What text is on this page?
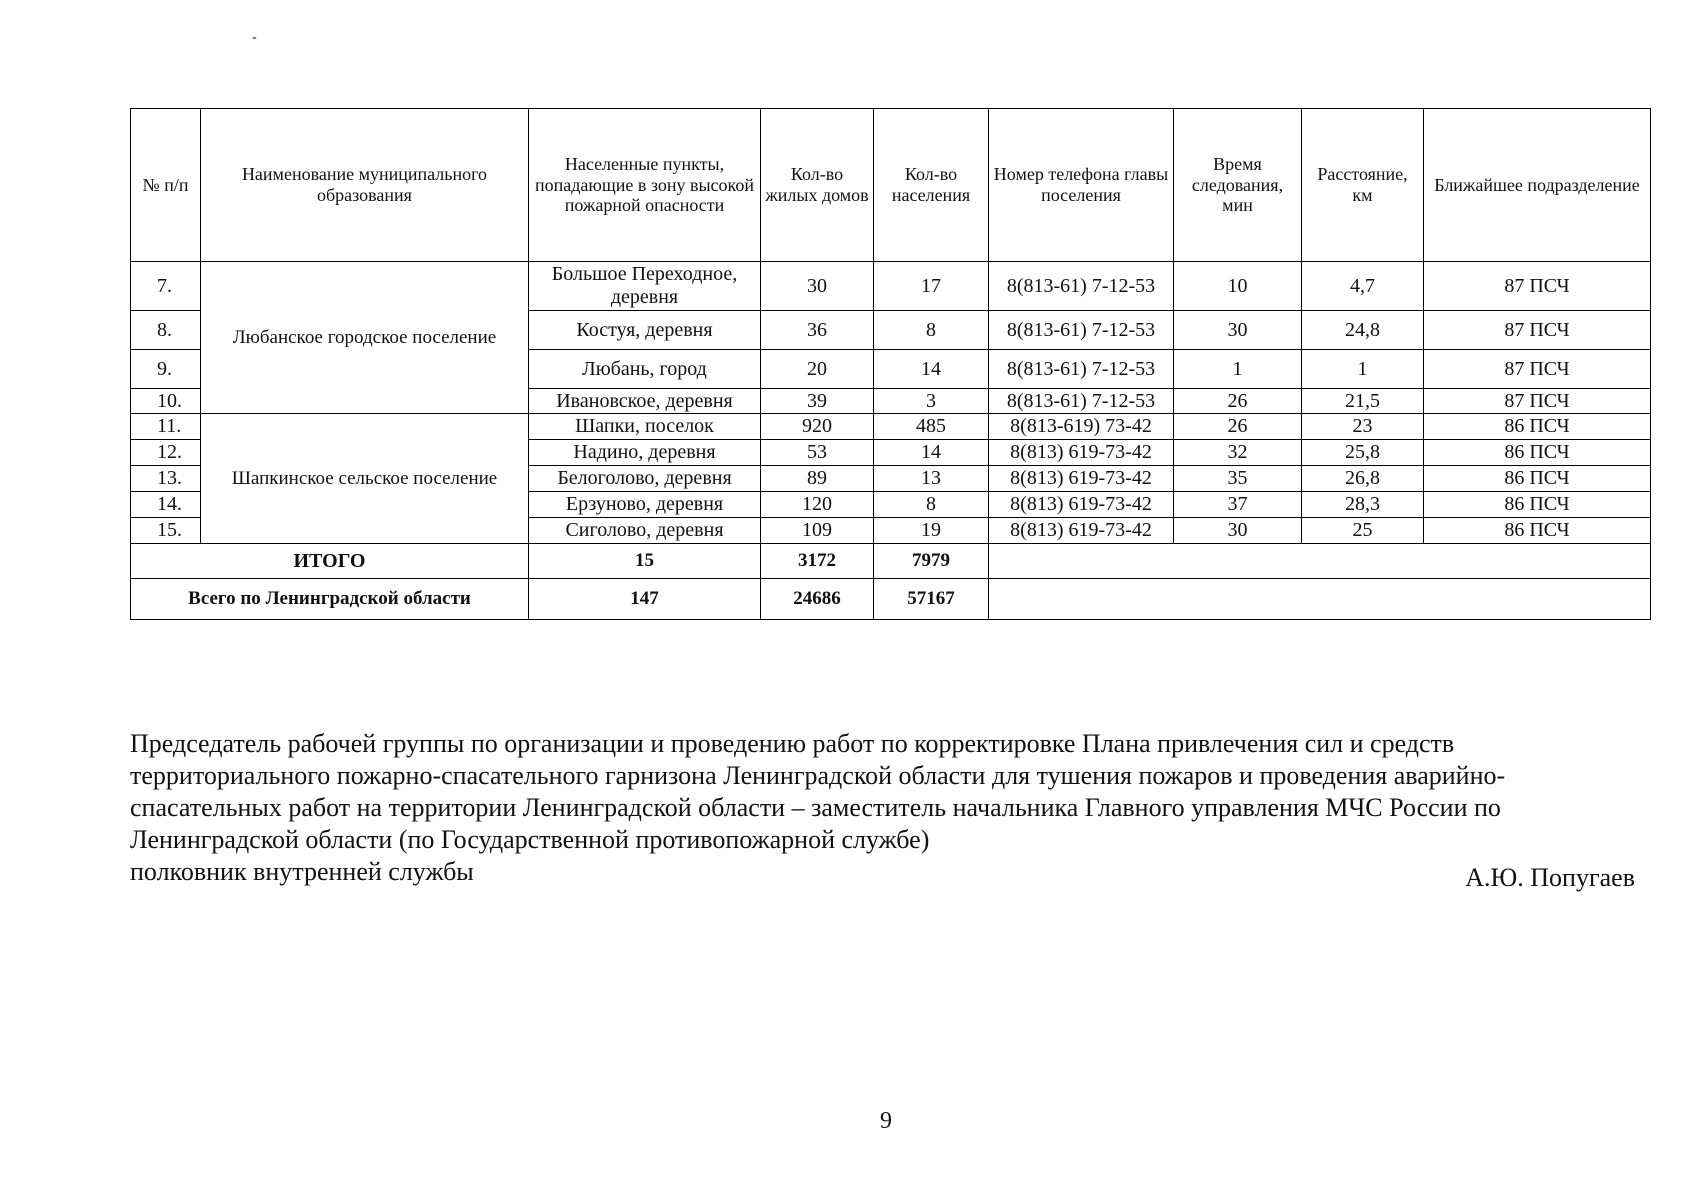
-
№ п/п	Наименование муниципального образования	Населенные пункты, попадающие в зону высокой пожарной опасности	Кол-во жилых домов	Кол-во населения	Номер телефона главы поселения	Время следования, мин	Расстояние, км	Ближайшее подразделение
7.	Любанское городское поселение	Большое Переходное, деревня	30	17	8(813-61) 7-12-53	10	4,7	87 ПСЧ
8.		Костуя, деревня	36	8	8(813-61) 7-12-53	30	24,8	87 ПСЧ
9.		Любань, город	20	14	8(813-61) 7-12-53	1	1	87 ПСЧ
10.		Ивановское, деревня	39	3	8(813-61) 7-12-53	26	21,5	87 ПСЧ
11.	Шапкинское сельское поселение	Шапки, поселок	920	485	8(813-619) 73-42	26	23	86 ПСЧ
12.		Надино, деревня	53	14	8(813) 619-73-42	32	25,8	86 ПСЧ
13.		Белоголово, деревня	89	13	8(813) 619-73-42	35	26,8	86 ПСЧ
14.		Ерзуново, деревня	120	8	8(813) 619-73-42	37	28,3	86 ПСЧ
15.		Сиголово, деревня	109	19	8(813) 619-73-42	30	25	86 ПСЧ
ИТОГО		15	3172	7979				
Всего по Ленинградской области		147	24686	57167				
Председатель рабочей группы по организации и проведению работ по корректировке Плана привлечения сил и средств
территориального пожарно-спасательного гарнизона Ленинградской области для тушения пожаров и проведения аварийно-
спасательных работ на территории Ленинградской области – заместитель начальника Главного управления МЧС России по
Ленинградской области (по Государственной противопожарной службе)
полковник внутренней службы	А.Ю. Попугаев
9
